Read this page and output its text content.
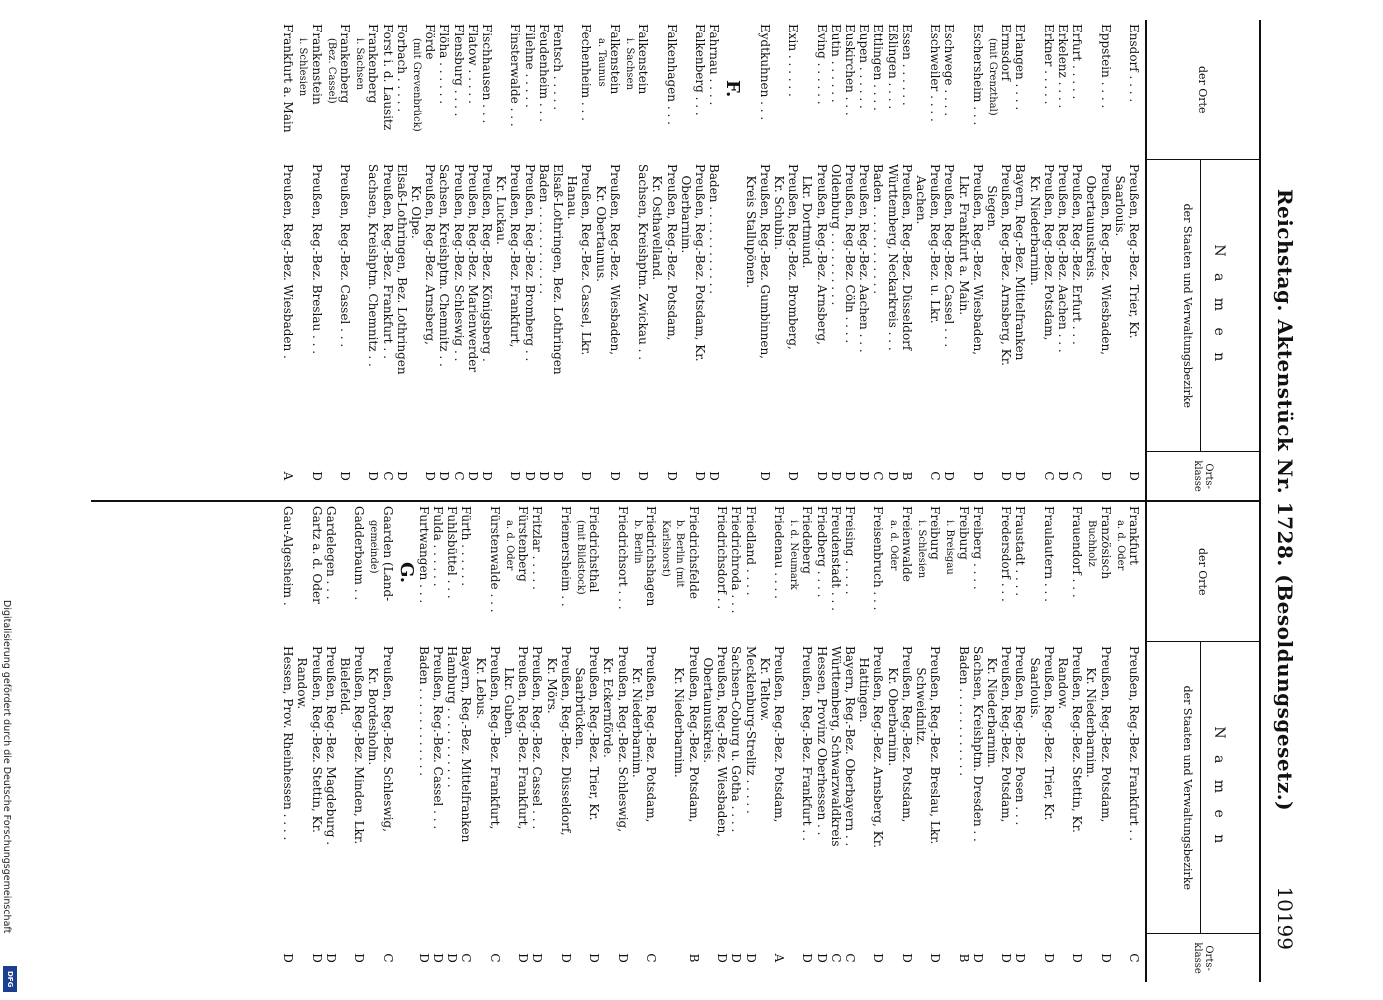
Digitalisierung gefördert durch die Deutsche Forschungsgemeinschaft
DFG
Reichstag. Aktenstück Nr. 1728. (Besoldungsgesetz.)
10199
der Orte
N a m e n
der Staaten und Verwaltungsbezirke
Orts-klasse
Ensdorf . . . .
Preußen, Reg.-Bez. Trier, Kr.
D
Saarlouis.
Eppstein . . . .
Preußen, Reg.-Bez. Wiesbaden,
D
Obertaunuskreis.
Erfurt . . . . .
Preußen, Reg.-Bez. Erfurt . . .
C
Erkelenz . . . .
Preußen, Reg.-Bez. Aachen . . .
D
Erkner . . . . .
Preußen, Reg.-Bez. Potsdam,
C
Kr. Niederbarnim.
Erlangen . . . .
Bayern, Reg.-Bez. Mittelfranken
D
Ermsdorf
Preußen, Reg.-Bez. Arnsberg, Kr.
D
(mit Grenzthal)
Siegen.
Eschersheim . . .
Preußen, Reg.-Bez. Wiesbaden,
D
Lkr. Frankfurt a. Main.
Eschwege . . . .
Preußen, Reg.-Bez. Cassel . . .
D
Eschweiler . . . .
Preußen, Reg.-Bez. u. Lkr.
C
Aachen.
Essen . . . . . .
Preußen, Reg.-Bez. Düsseldorf
B
Eßlingen . . . .
Württemberg, Neckarkreis . . .
D
Ettlingen . . . .
Baden . . . . . . . . . . . .
C
Eupen . . . . . .
Preußen, Reg.-Bez. Aachen . . .
D
Euskirchen . . .
Preußen, Reg.-Bez. Cöln . . . .
D
Eutin . . . . . .
Oldenburg . . . . . . . . . .
D
Eving . . . . . .
Preußen, Reg.-Bez. Arnsberg,
D
Lkr. Dortmund.
Exin . . . . . .
Preußen, Reg.-Bez. Bromberg,
D
Kr. Schubin.
Eydtkuhnen . . .
Preußen, Reg.-Bez. Gumbinnen,
D
Kreis Stallupönen.
F.
Fahrnau . . . .
Baden . . . . . . . . . . . .
D
Falkenberg . . .
Preußen, Reg.-Bez. Potsdam, Kr.
D
Oberbarnim.
Falkenhagen . . .
Preußen, Reg.-Bez. Potsdam,
D
Kr. Osthavelland.
Falkenstein
Sachsen, Kreishptm. Zwickau . .
D
i. Sachsen
Falkenstein
Preußen, Reg.-Bez. Wiesbaden,
D
a. Taunus
Kr. Obertaunus.
Fechenheim . . .
Preußen, Reg.-Bez. Cassel, Lkr.
D
Hanau.
Fentsch . . . . .
Elsaß-Lothringen, Bez. Lothringen
D
Feudenheim . . .
Baden . . . . . . . . . . . .
D
Filehne . . . . .
Preußen, Reg.-Bez. Bromberg . .
D
Finsterwalde . . .
Preußen, Reg.-Bez. Frankfurt,
D
Kr. Luckau.
Fischhausen . . .
Preußen, Reg.-Bez. Königsberg .
D
Flatow . . . . .
Preußen, Reg.-Bez. Marienwerder
D
Flensburg . . . .
Preußen, Reg.-Bez. Schleswig . .
C
Flöha . . . . . .
Sachsen, Kreishptm. Chemnitz . .
D
Förde
Preußen, Reg.-Bez. Arnsberg,
D
(mit Grevenbrück)
Kr. Olpe.
Forbach . . . . .
Elsaß-Lothringen, Bez. Lothringen
D
Forst i. d. Lausitz
Preußen, Reg.-Bez. Frankfurt . .
C
Frankenberg
Sachsen, Kreishptm. Chemnitz . .
D
i. Sachsen
Frankenberg
Preußen, Reg.-Bez. Cassel . . .
D
(Bez. Cassel)
Frankenstein
Preußen, Reg.-Bez. Breslau . . .
D
i. Schlesien
Frankfurt a. Main
Preußen, Reg.-Bez. Wiesbaden .
A
der Orte
N a m e n
der Staaten und Verwaltungsbezirke
Orts-klasse
Frankfurt
Preußen, Reg.-Bez. Frankfurt . .
C
a. d. Oder
Französisch
Preußen, Reg.-Bez. Potsdam,
D
Buchholz
Kr. Niederbarnim.
Frauendorf . . .
Preußen, Reg.-Bez. Stettin, Kr.
D
Randow.
Fraulautern . . .
Preußen, Reg.-Bez. Trier, Kr.
D
Saarlouis.
Fraustadt . . . .
Preußen, Reg.-Bez. Posen . . .
D
Fredersdorf . . .
Preußen, Reg.-Bez. Potsdam,
D
Kr. Niederbarnim.
Freiberg . . . .
Sachsen, Kreishptm. Dresden . .
D
Freiburg
Baden . . . . . . . . . . . .
B
i. Breisgau
Freiburg
Preußen, Reg.-Bez. Breslau, Lkr.
D
i. Schlesien
Schweidnitz.
Freienwalde
Preußen, Reg.-Bez. Potsdam,
D
a. d. Oder
Kr. Oberbarnim.
Freisenbruch . . .
Preußen, Reg.-Bez. Arnsberg, Kr.
D
Hattingen.
Freising . . . . .
Bayern, Reg.-Bez. Oberbayern . .
C
Freudenstadt . . .
Württemberg, Schwarzwaldkreis
C
Friedberg . . . .
Hessen, Provinz Oberhessen . .
D
Friedeberg
Preußen, Reg.-Bez. Frankfurt . .
D
i. d. Neumark
Friedenau . . . .
Preußen, Reg.-Bez. Potsdam,
A
Kr. Teltow.
Friedland . . . .
Mecklenburg-Strelitz . . . . .
D
Friedrichroda . . .
Sachsen-Coburg u. Gotha . . . .
D
Friedrichsdorf . .
Preußen, Reg.-Bez. Wiesbaden,
D
Obertaunuskreis.
Friedrichsfelde
Preußen, Reg.-Bez. Potsdam,
B
b. Berlin (mit
Kr. Niederbarnim.
Karlshorst)
Friedrichshagen
Preußen, Reg.-Bez. Potsdam,
C
b. Berlin
Kr. Niederbarnim.
Friedrichsort . . .
Preußen, Reg.-Bez. Schleswig,
D
Kr. Eckernförde.
Friedrichsthal
Preußen, Reg.-Bez. Trier, Kr.
D
(mit Bildstock)
Saarbrücken.
Friemersheim . .
Preußen, Reg.-Bez. Düsseldorf,
D
Kr. Mörs.
Fritzlar . . . . .
Preußen, Reg.-Bez. Cassel . . .
D
Fürstenberg
Preußen, Reg.-Bez. Frankfurt,
D
a. d. Oder
Lkr. Guben.
Fürstenwalde . . .
Preußen, Reg.-Bez. Frankfurt,
C
Kr. Lebus.
Fürth . . . . . .
Bayern, Reg.-Bez. Mittelfranken
C
Fuhlsbüttel . . .
Hamburg . . . . . . . . . . .
D
Fulda . . . . . .
Preußen, Reg.-Bez. Cassel . . .
D
Furtwangen . . .
Baden . . . . . . . . . . . .
D
G.
Gaarden (Land-
Preußen, Reg.-Bez. Schleswig,
C
gemeinde)
Kr. Bordesholm.
Gadderbaum . .
Preußen, Reg.-Bez. Minden, Lkr.
D
Bielefeld.
Gardelegen . . .
Preußen, Reg.-Bez. Magdeburg .
D
Gartz a. d. Oder
Preußen, Reg.-Bez. Stettin, Kr.
D
Randow.
Gau-Algesheim .
Hessen, Prov. Rheinhessen . . . .
D
